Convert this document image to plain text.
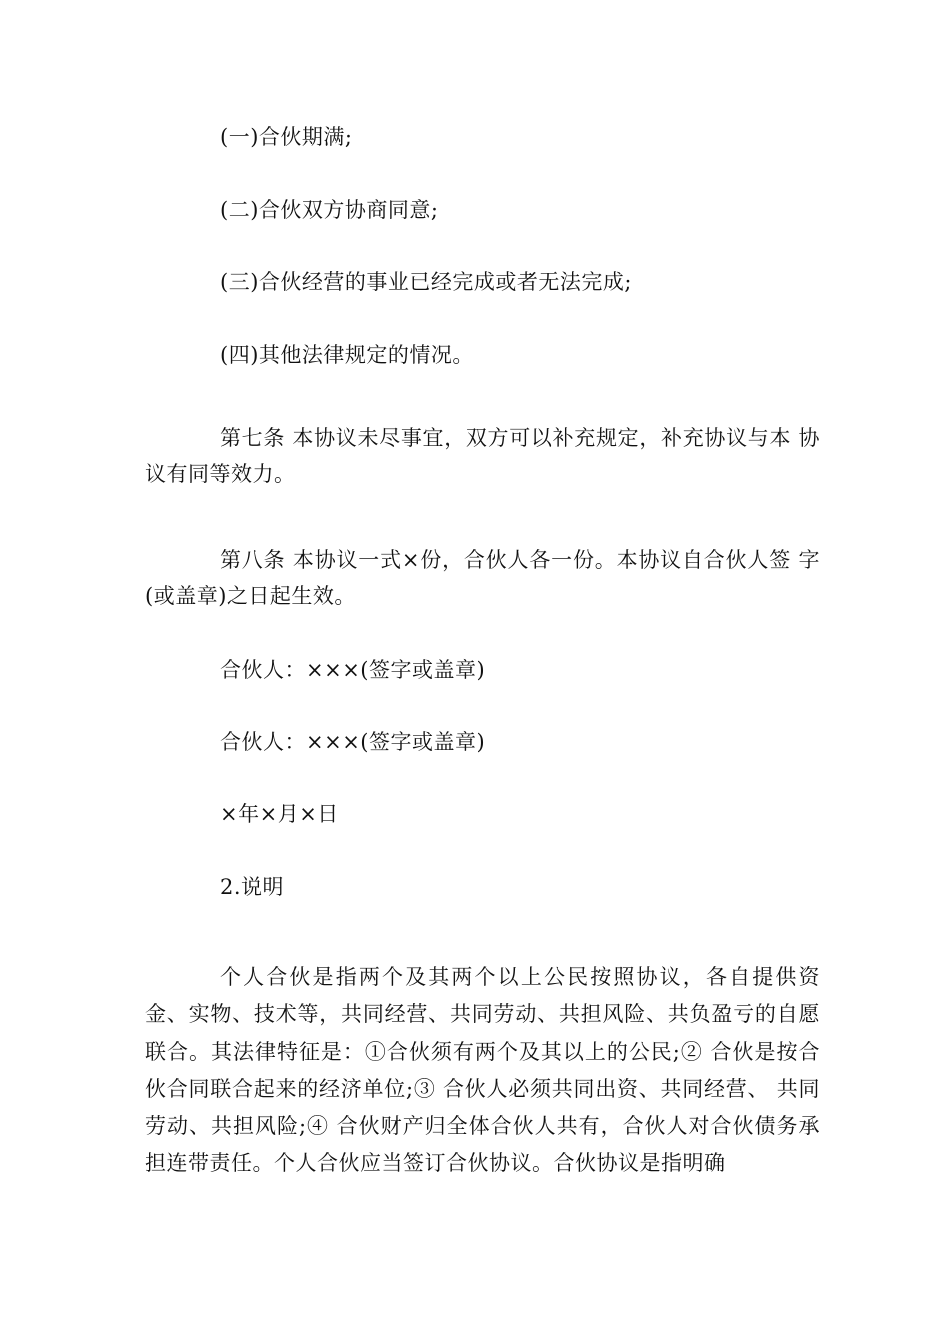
(一)合伙期满;
(二)合伙双方协商同意;
(三)合伙经营的事业已经完成或者无法完成;
(四)其他法律规定的情况。
第七条 本协议未尽事宜，双方可以补充规定，补充协议与本 协议有同等效力。
第八条 本协议一式×份，合伙人各一份。本协议自合伙人签 字(或盖章)之日起生效。
合伙人：×××(签字或盖章)
合伙人：×××(签字或盖章)
×年×月×日
2.说明
个人合伙是指两个及其两个以上公民按照协议，各自提供资金、实物、技术等，共同经营、共同劳动、共担风险、共负盈亏的自愿联合。其法律特征是：①合伙须有两个及其以上的公民;② 合伙是按合伙合同联合起来的经济单位;③ 合伙人必须共同出资、共同经营、 共同劳动、共担风险;④ 合伙财产归全体合伙人共有，合伙人对合伙债务承担连带责任。个人合伙应当签订合伙协议。合伙协议是指明确
